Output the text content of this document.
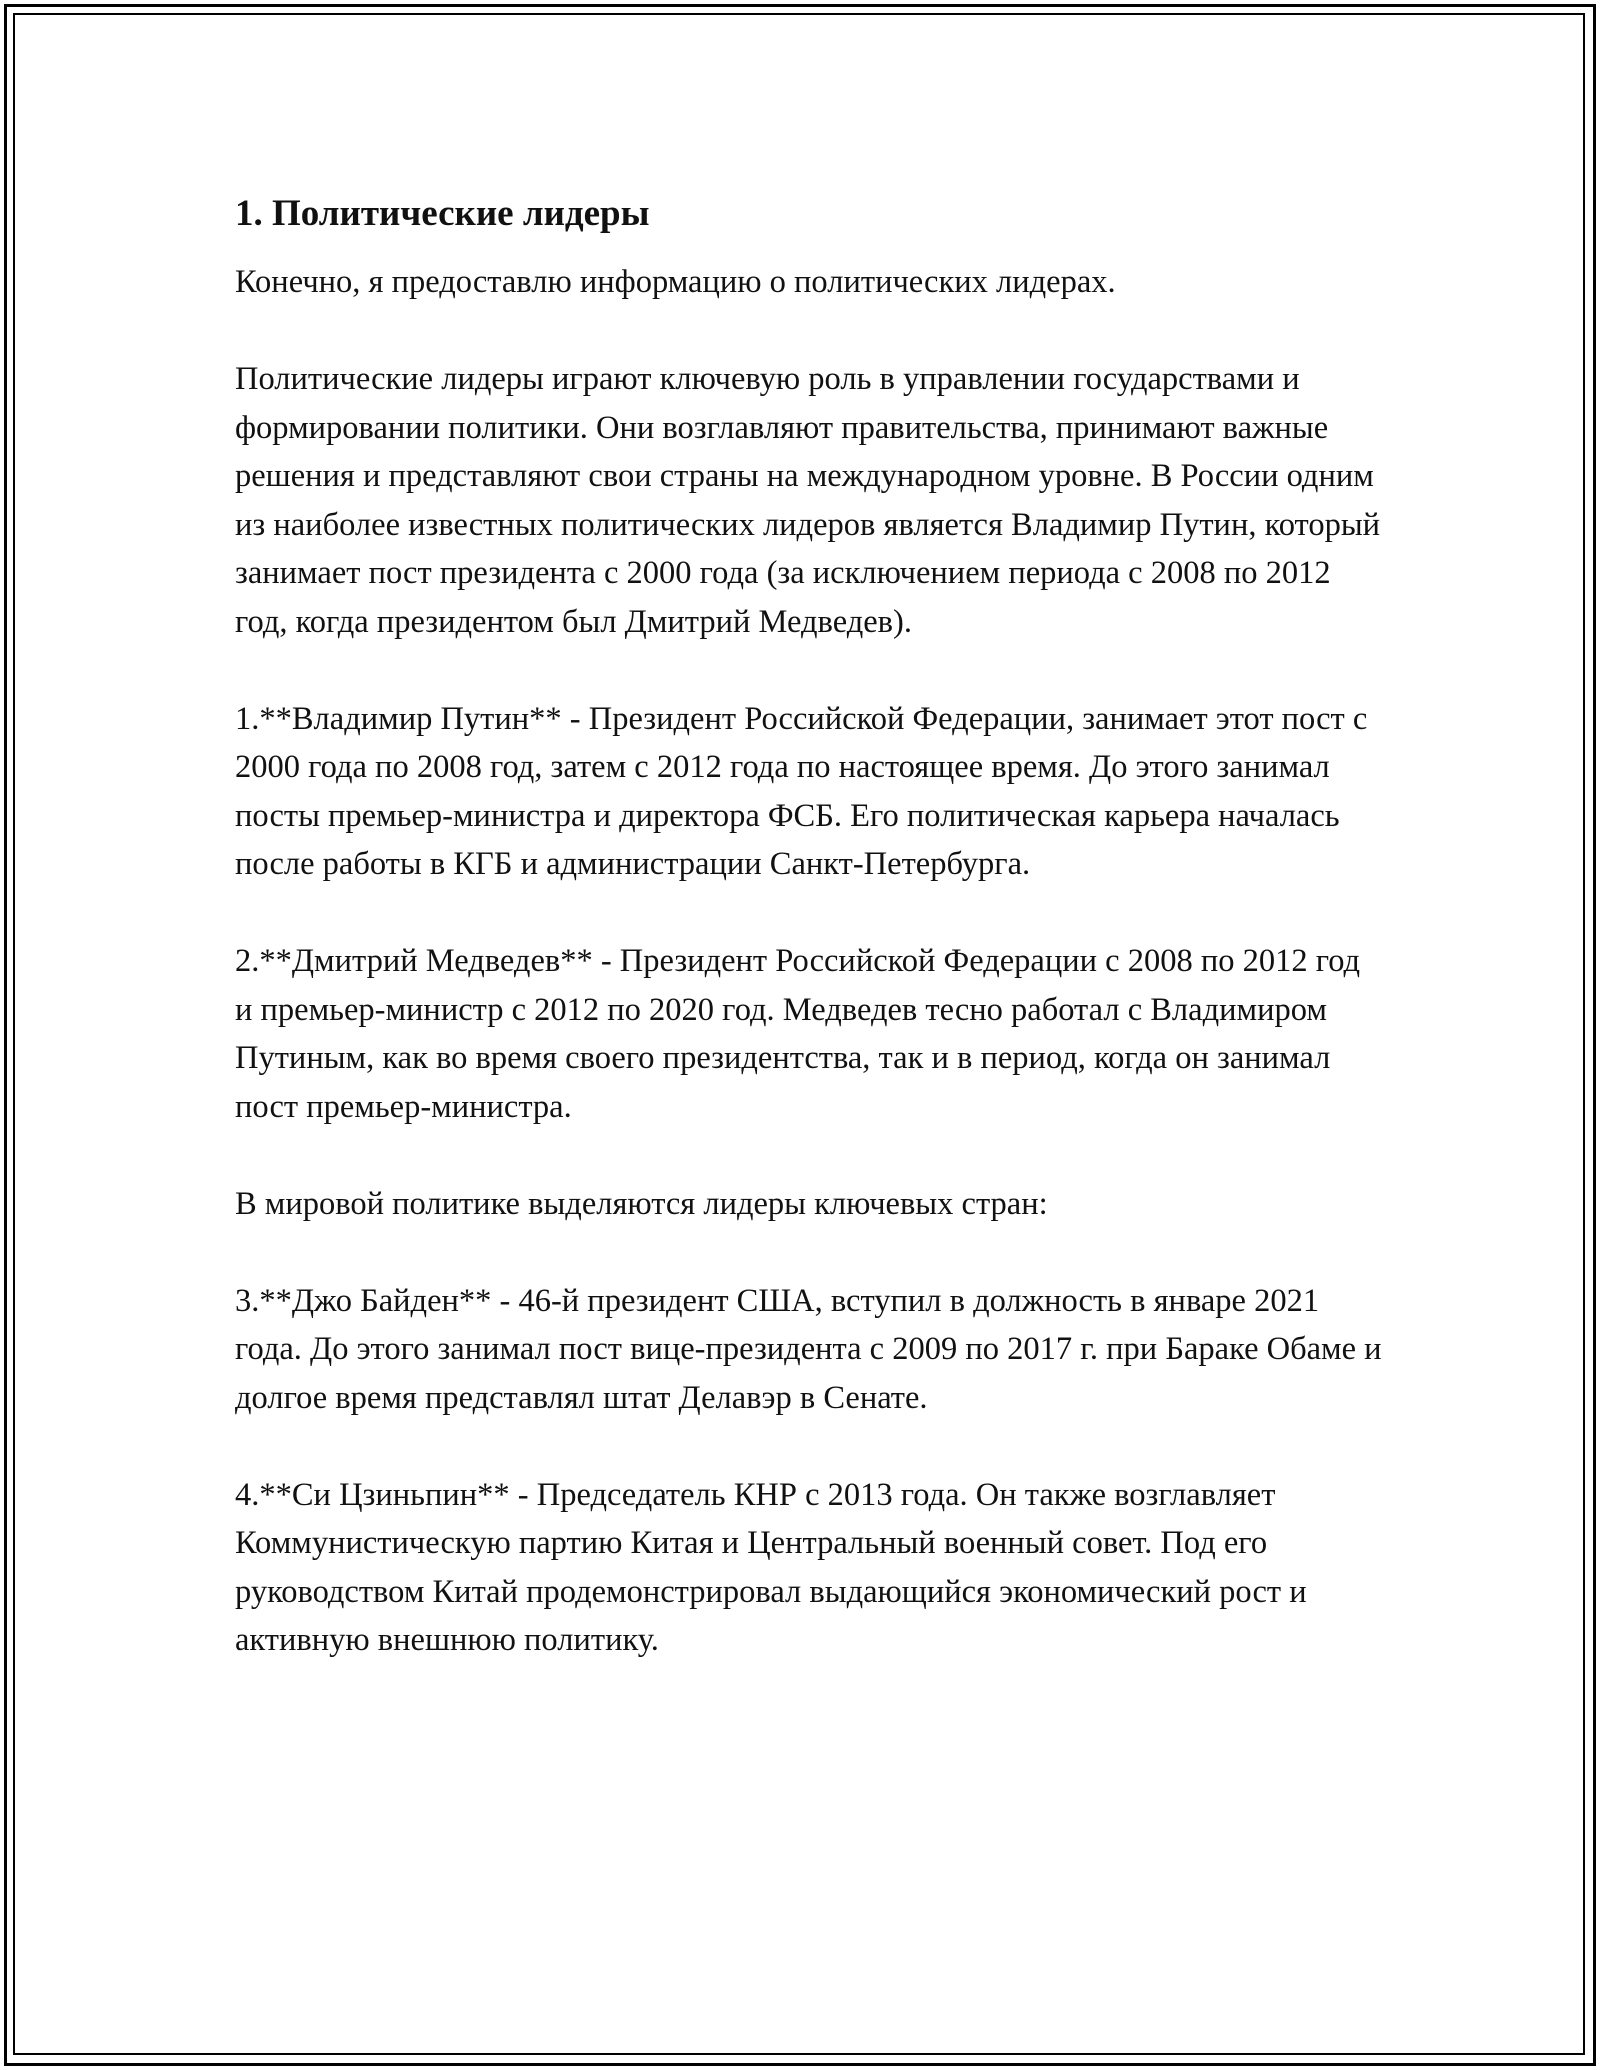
1. Политические лидеры

Конечно, я предоставлю информацию о политических лидерах.

Политические лидеры играют ключевую роль в управлении государствами и формировании политики. Они возглавляют правительства, принимают важные решения и представляют свои страны на международном уровне. В России одним из наиболее известных политических лидеров является Владимир Путин, который занимает пост президента с 2000 года (за исключением периода с 2008 по 2012 год, когда президентом был Дмитрий Медведев).

1.**Владимир Путин** - Президент Российской Федерации, занимает этот пост с 2000 года по 2008 год, затем с 2012 года по настоящее время. До этого занимал посты премьер-министра и директора ФСБ. Его политическая карьера началась после работы в КГБ и администрации Санкт-Петербурга.

2.**Дмитрий Медведев** - Президент Российской Федерации с 2008 по 2012 год и премьер-министр с 2012 по 2020 год. Медведев тесно работал с Владимиром Путиным, как во время своего президентства, так и в период, когда он занимал пост премьер-министра.

В мировой политике выделяются лидеры ключевых стран:

3.**Джо Байден** - 46-й президент США, вступил в должность в январе 2021 года. До этого занимал пост вице-президента с 2009 по 2017 г. при Бараке Обаме и долгое время представлял штат Делавэр в Сенате.

4.**Си Цзиньпин** - Председатель КНР с 2013 года. Он также возглавляет Коммунистическую партию Китая и Центральный военный совет. Под его руководством Китай продемонстрировал выдающийся экономический рост и активную внешнюю политику.
